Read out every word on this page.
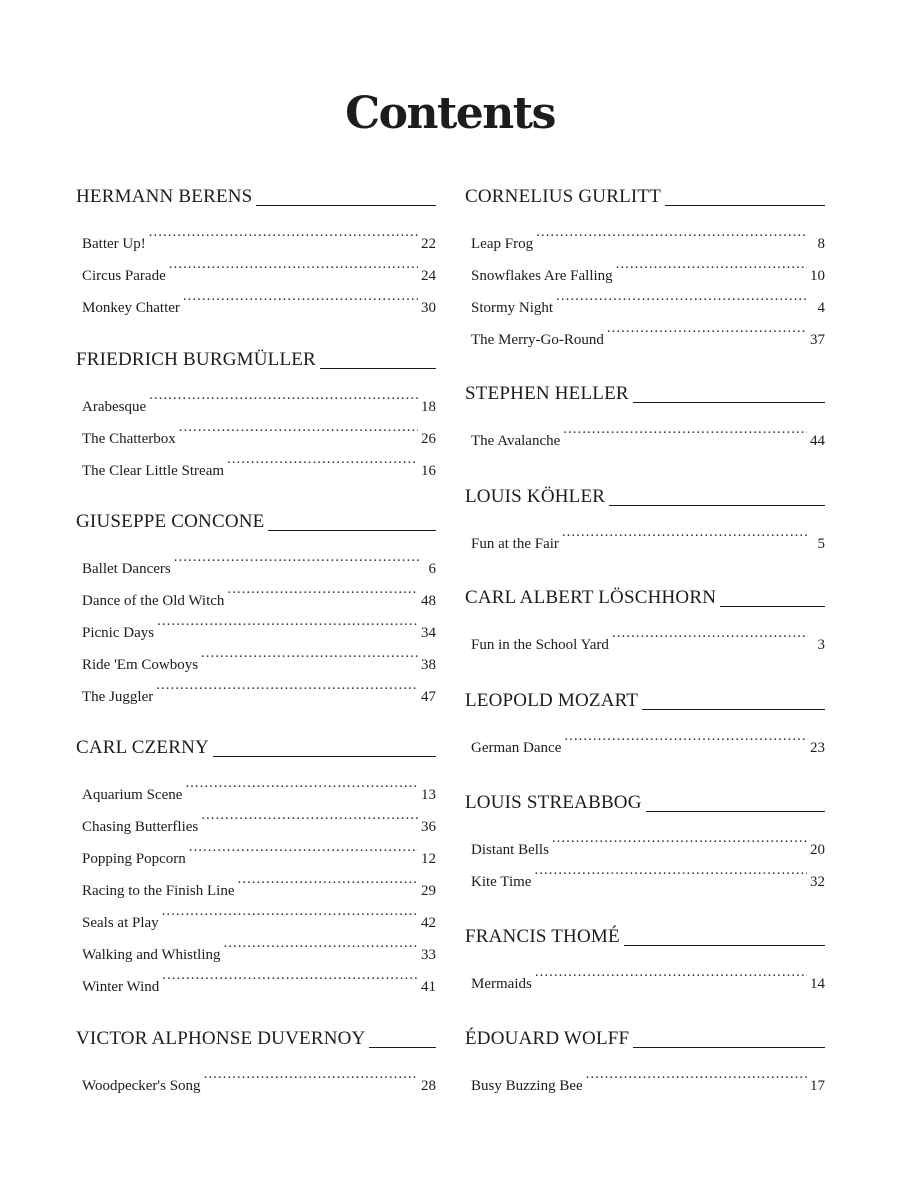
Contents
HERMANN BERENS
Batter Up! .....	22
Circus Parade .....	24
Monkey Chatter .....	30
FRIEDRICH BURGMÜLLER
Arabesque .....	18
The Chatterbox .....	26
The Clear Little Stream .....	16
GIUSEPPE CONCONE
Ballet Dancers .....	6
Dance of the Old Witch .....	48
Picnic Days .....	34
Ride 'Em Cowboys .....	38
The Juggler .....	47
CARL CZERNY
Aquarium Scene .....	13
Chasing Butterflies .....	36
Popping Popcorn .....	12
Racing to the Finish Line .....	29
Seals at Play .....	42
Walking and Whistling .....	33
Winter Wind .....	41
VICTOR ALPHONSE DUVERNOY
Woodpecker's Song .....	28
CORNELIUS GURLITT
Leap Frog .....	8
Snowflakes Are Falling .....	10
Stormy Night .....	4
The Merry-Go-Round .....	37
STEPHEN HELLER
The Avalanche .....	44
LOUIS KÖHLER
Fun at the Fair .....	5
CARL ALBERT LÖSCHHORN
Fun in the School Yard .....	3
LEOPOLD MOZART
German Dance .....	23
LOUIS STREABBOG
Distant Bells .....	20
Kite Time .....	32
FRANCIS THOMÉ
Mermaids .....	14
ÉDOUARD WOLFF
Busy Buzzing Bee .....	17
